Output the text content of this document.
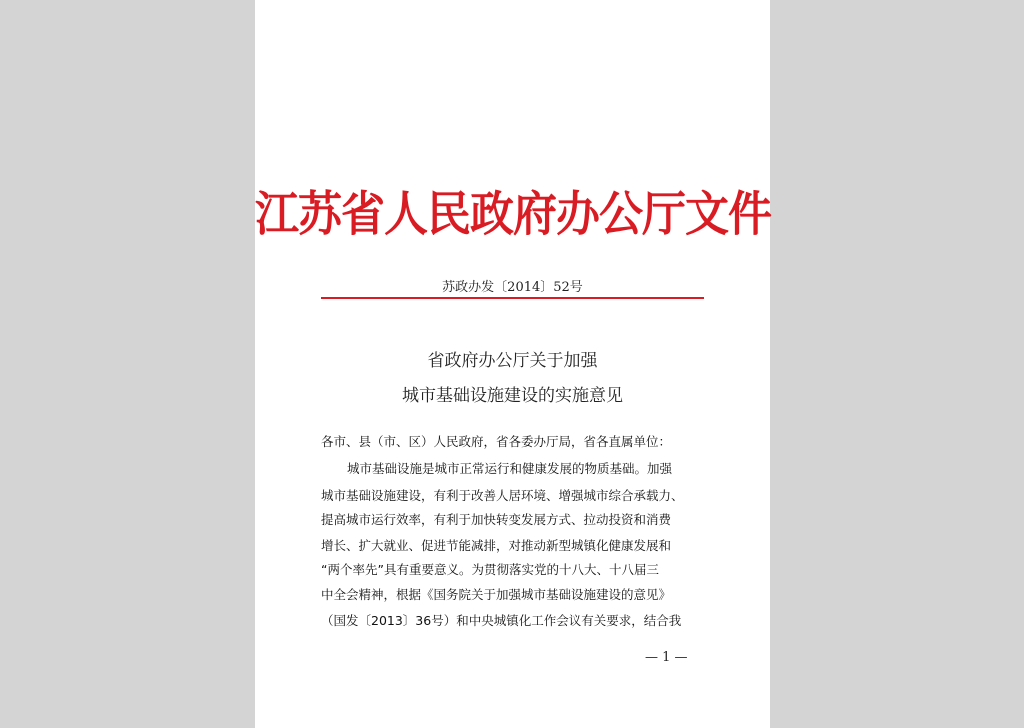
江苏省人民政府办公厅文件
苏政办发〔2014〕52号
省政府办公厅关于加强
城市基础设施建设的实施意见
各市、县（市、区）人民政府，省各委办厅局，省各直属单位：
城市基础设施是城市正常运行和健康发展的物质基础。加强
城市基础设施建设，有利于改善人居环境、增强城市综合承载力、
提高城市运行效率，有利于加快转变发展方式、拉动投资和消费
增长、扩大就业、促进节能减排，对推动新型城镇化健康发展和
“两个率先”具有重要意义。为贯彻落实党的十八大、十八届三
中全会精神，根据《国务院关于加强城市基础设施建设的意见》
（国发〔2013〕36号）和中央城镇化工作会议有关要求，结合我
— 1 —
